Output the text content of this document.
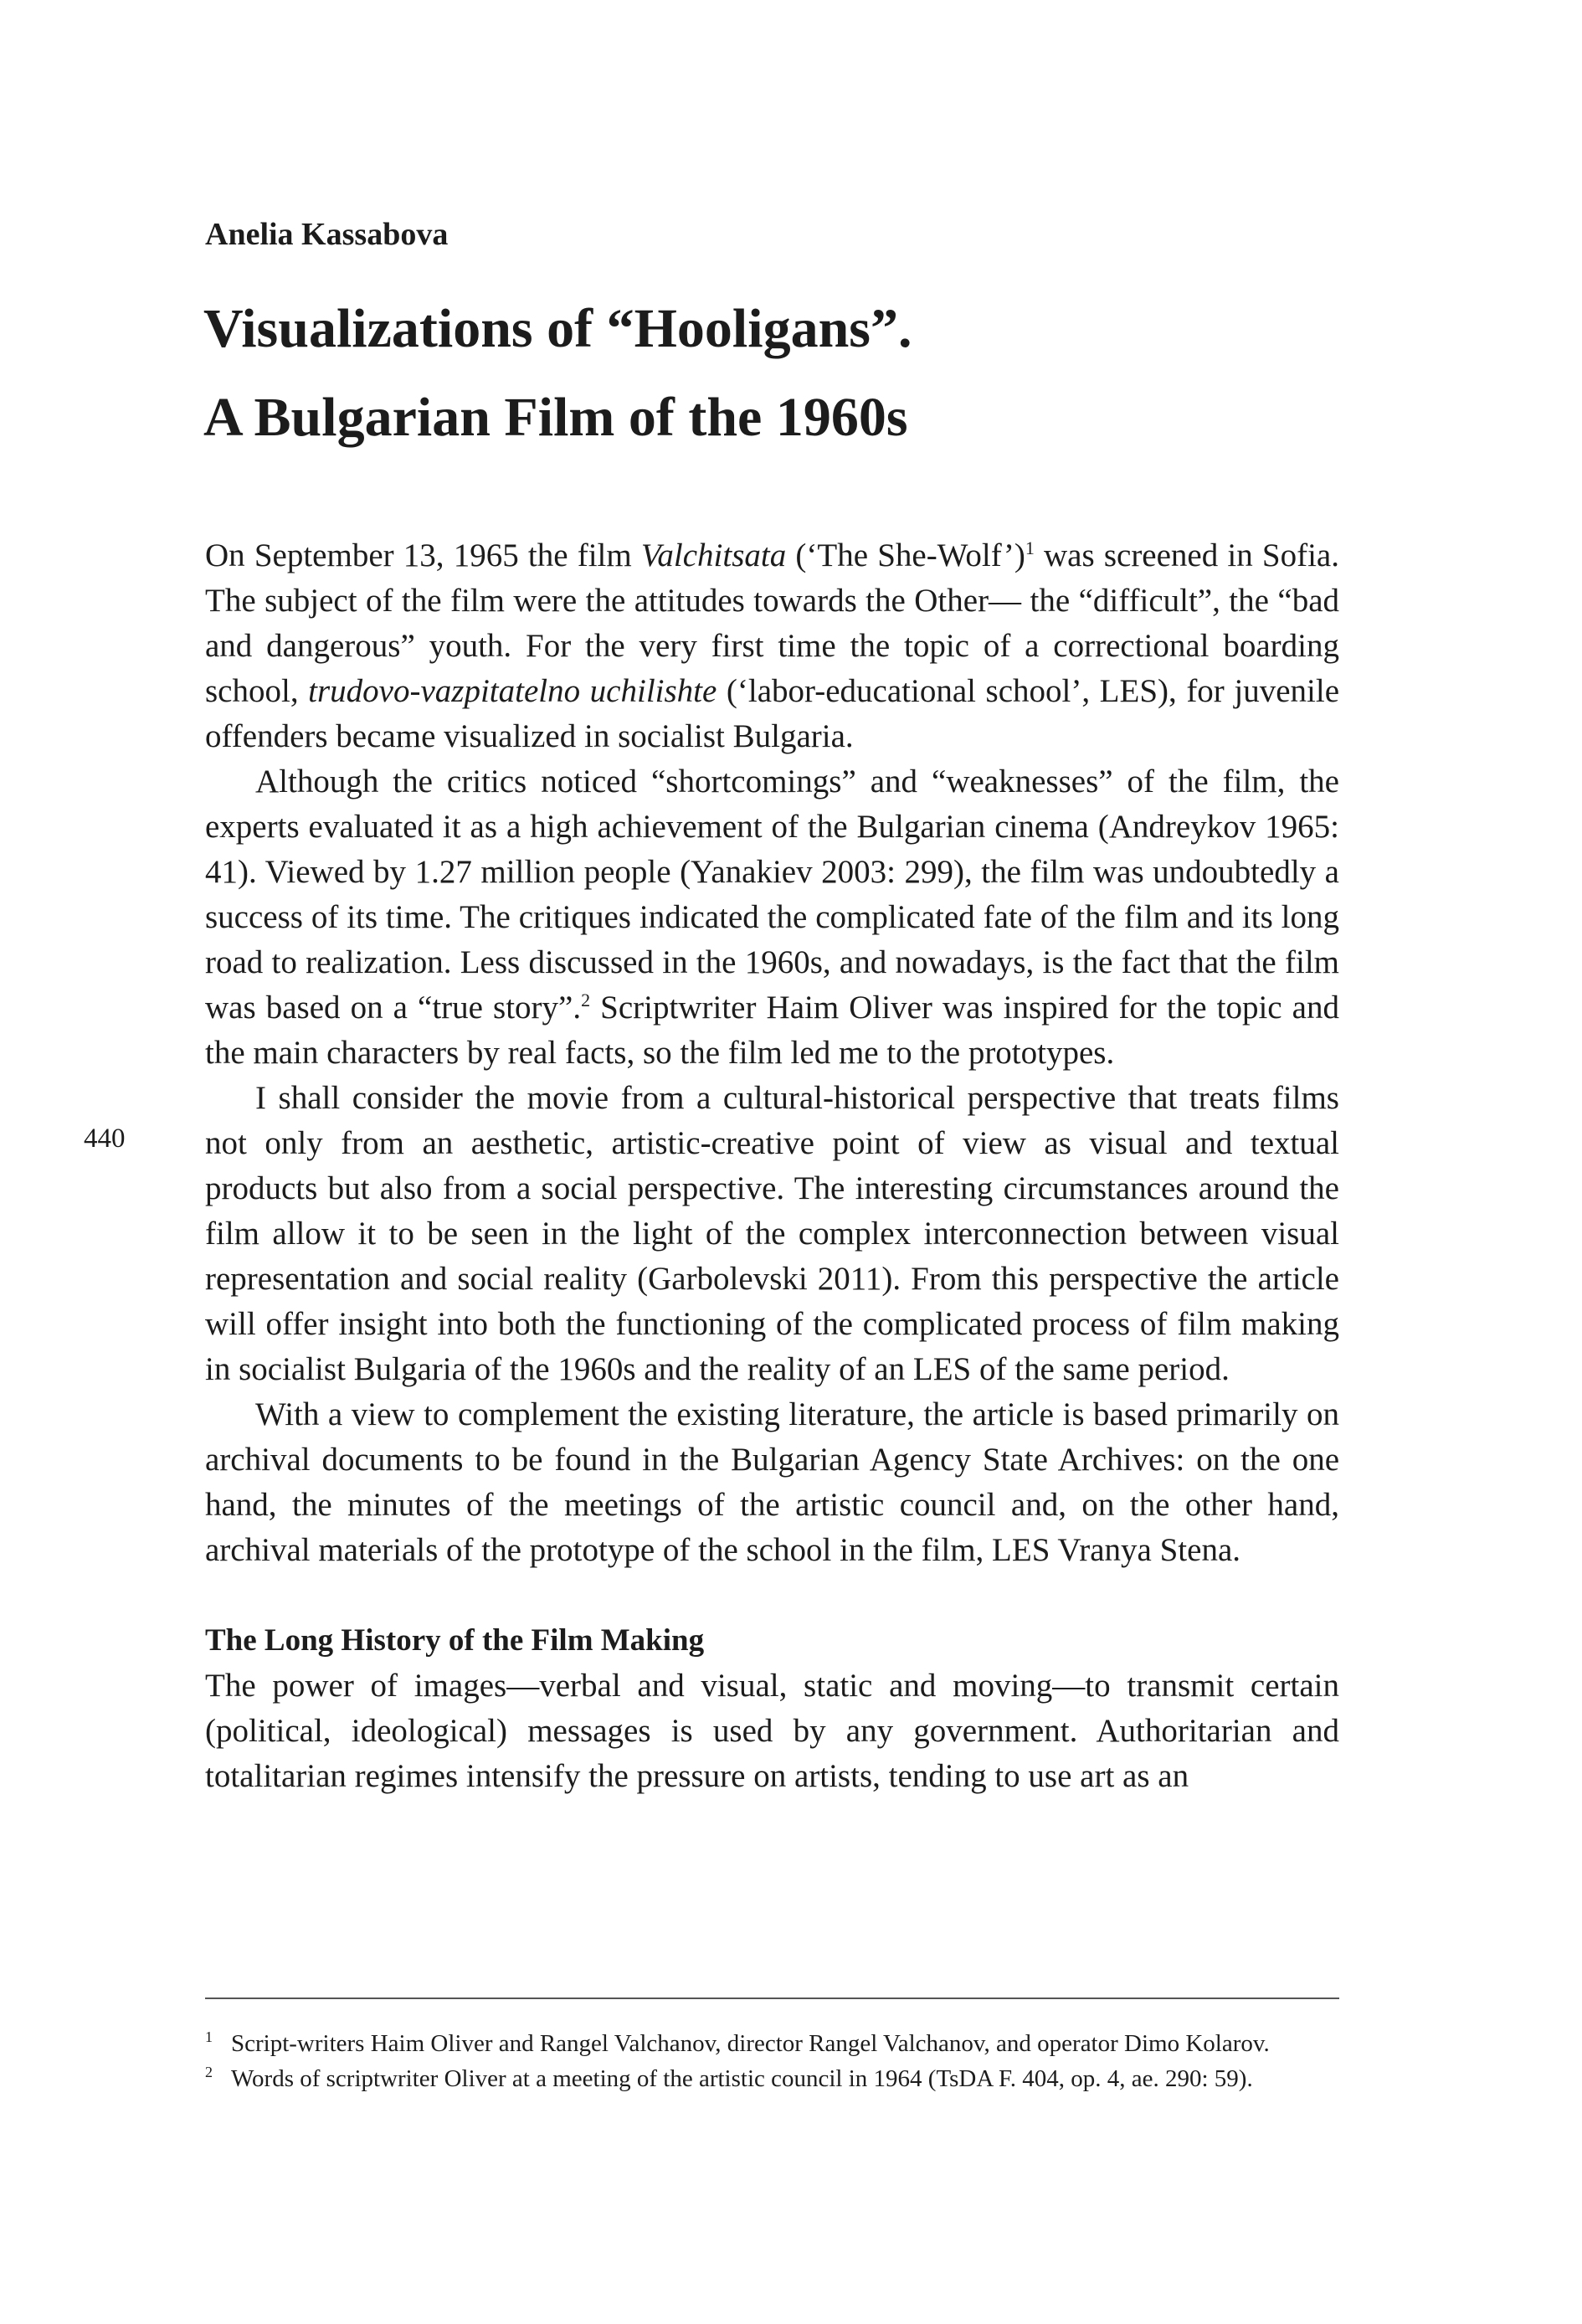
Anelia Kassabova
Visualizations of “Hooligans”.
A Bulgarian Film of the 1960s

On September 13, 1965 the film Valchitsata (‘The She-Wolf’)$^1$ was screened in Sofia. The subject of the film were the attitudes towards the Other— the “difficult”, the “bad and dangerous” youth. For the very first time the topic of a correctional boarding school, trudovo-vazpitatelno uchilishte (‘labor-educational school’, LES), for juvenile offenders became visualized in socialist Bulgaria.

Although the critics noticed “shortcomings” and “weaknesses” of the film, the experts evaluated it as a high achievement of the Bulgarian cinema (Andreykov 1965: 41). Viewed by 1.27 million people (Yanakiev 2003: 299), the film was undoubtedly a success of its time. The critiques indicated the complicated fate of the film and its long road to realization. Less discussed in the 1960s, and nowadays, is the fact that the film was based on a “true story”.$^2$ Scriptwriter Haim Oliver was inspired for the topic and the main characters by real facts, so the film led me to the prototypes.

I shall consider the movie from a cultural-historical perspective that treats films not only from an aesthetic, artistic-creative point of view as visual and textual products but also from a social perspective. The interesting circumstances around the film allow it to be seen in the light of the complex interconnection between visual representation and social reality (Garbolevski 2011). From this perspective the article will offer insight into both the functioning of the complicated process of film making in socialist Bulgaria of the 1960s and the reality of an LES of the same period.

With a view to complement the existing literature, the article is based primarily on archival documents to be found in the Bulgarian Agency State Archives: on the one hand, the minutes of the meetings of the artistic council and, on the other hand, archival materials of the prototype of the school in the film, LES Vranya Stena.

The Long History of the Film Making

The power of images—verbal and visual, static and moving—to transmit certain (political, ideological) messages is used by any government. Authoritarian and totalitarian regimes intensify the pressure on artists, tending to use art as an

440

$^1$ Script-writers Haim Oliver and Rangel Valchanov, director Rangel Valchanov, and operator Dimo Kolarov.

$^2$ Words of scriptwriter Oliver at a meeting of the artistic council in 1964 (TsDA F. 404, op. 4, ae. 290: 59).
